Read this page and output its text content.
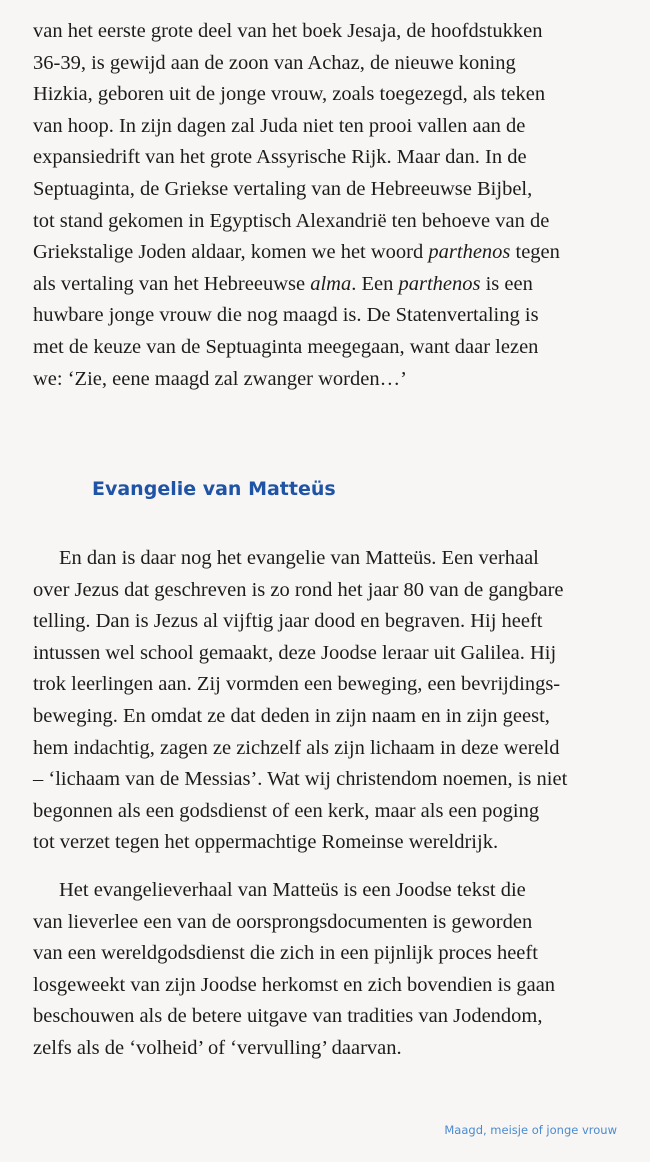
van het eerste grote deel van het boek Jesaja, de hoofdstukken
36-39, is gewijd aan de zoon van Achaz, de nieuwe koning
Hizkia, geboren uit de jonge vrouw, zoals toegezegd, als teken
van hoop. In zijn dagen zal Juda niet ten prooi vallen aan de
expansiedrift van het grote Assyrische Rijk. Maar dan. In de
Septuaginta, de Griekse vertaling van de Hebreeuwse Bijbel,
tot stand gekomen in Egyptisch Alexandrië ten behoeve van de
Griekstalige Joden aldaar, komen we het woord parthenos tegen
als vertaling van het Hebreeuwse alma. Een parthenos is een
huwbare jonge vrouw die nog maagd is. De Statenvertaling is
met de keuze van de Septuaginta meegegaan, want daar lezen
we: ‘Zie, eene maagd zal zwanger worden…’
Evangelie van Matteüs
En dan is daar nog het evangelie van Matteüs. Een verhaal
over Jezus dat geschreven is zo rond het jaar 80 van de gangbare
telling. Dan is Jezus al vijftig jaar dood en begraven. Hij heeft
intussen wel school gemaakt, deze Joodse leraar uit Galilea. Hij
trok leerlingen aan. Zij vormden een beweging, een bevrijdings-
beweging. En omdat ze dat deden in zijn naam en in zijn geest,
hem indachtig, zagen ze zichzelf als zijn lichaam in deze wereld
– ‘lichaam van de Messias’. Wat wij christendom noemen, is niet
begonnen als een godsdienst of een kerk, maar als een poging
tot verzet tegen het oppermachtige Romeinse wereldrijk.
Het evangelieverhaal van Matteüs is een Joodse tekst die
van lieverlee een van de oorsprongsdocumenten is geworden
van een wereldgodsdienst die zich in een pijnlijk proces heeft
losgeweekt van zijn Joodse herkomst en zich bovendien is gaan
beschouwen als de betere uitgave van tradities van Jodendom,
zelfs als de ‘volheid’ of ‘vervulling’ daarvan.
Maagd, meisje of jonge vrouw
